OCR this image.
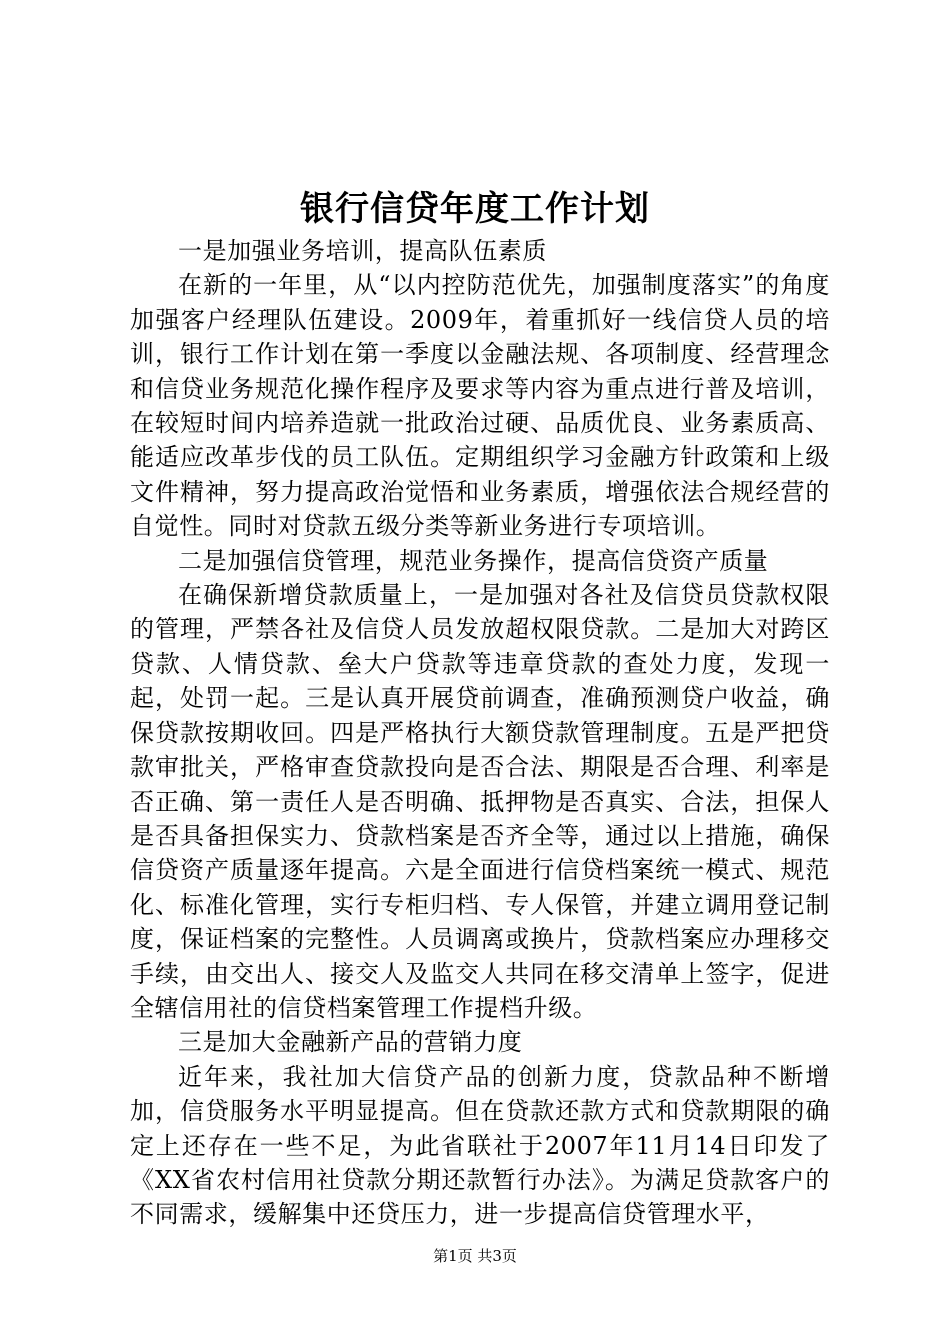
银行信贷年度工作计划

一是加强业务培训，提高队伍素质

在新的一年里，从“以内控防范优先，加强制度落实”的角度加强客户经理队伍建设。2009年，着重抓好一线信贷人员的培训，银行工作计划在第一季度以金融法规、各项制度、经营理念和信贷业务规范化操作程序及要求等内容为重点进行普及培训，在较短时间内培养造就一批政治过硬、品质优良、业务素质高、能适应改革步伐的员工队伍。定期组织学习金融方针政策和上级文件精神，努力提高政治觉悟和业务素质，增强依法合规经营的自觉性。同时对贷款五级分类等新业务进行专项培训。

二是加强信贷管理，规范业务操作，提高信贷资产质量

在确保新增贷款质量上，一是加强对各社及信贷员贷款权限的管理，严禁各社及信贷人员发放超权限贷款。二是加大对跨区贷款、人情贷款、垒大户贷款等违章贷款的查处力度，发现一起，处罚一起。三是认真开展贷前调查，准确预测贷户收益，确保贷款按期收回。四是严格执行大额贷款管理制度。五是严把贷款审批关，严格审查贷款投向是否合法、期限是否合理、利率是否正确、第一责任人是否明确、抵押物是否真实、合法，担保人是否具备担保实力、贷款档案是否齐全等，通过以上措施，确保信贷资产质量逐年提高。六是全面进行信贷档案统一模式、规范化、标准化管理，实行专柜归档、专人保管，并建立调用登记制度，保证档案的完整性。人员调离或换片，贷款档案应办理移交手续，由交出人、接交人及监交人共同在移交清单上签字，促进全辖信用社的信贷档案管理工作提档升级。

三是加大金融新产品的营销力度

近年来，我社加大信贷产品的创新力度，贷款品种不断增加，信贷服务水平明显提高。但在贷款还款方式和贷款期限的确定上还存在一些不足，为此省联社于2007年11月14日印发了《XX省农村信用社贷款分期还款暂行办法》。为满足贷款客户的不同需求，缓解集中还贷压力，进一步提高信贷管理水平，

第1页 共3页
